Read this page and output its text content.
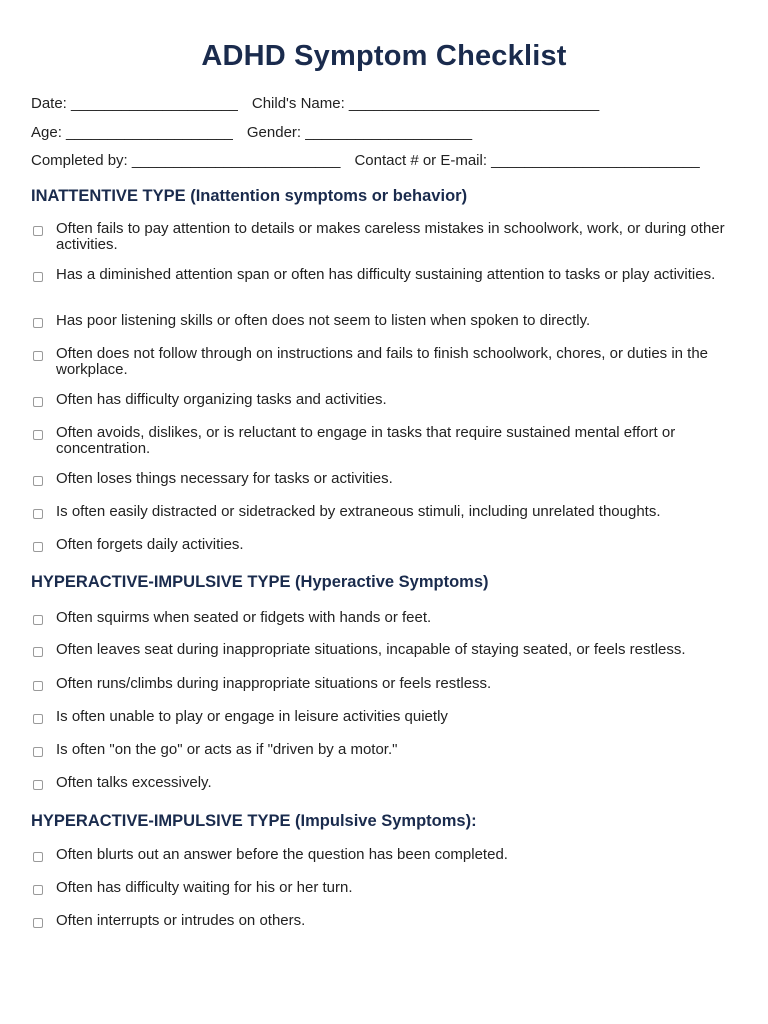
ADHD Symptom Checklist
Date: ____________________ Child's Name: ______________________________
Age: ____________________ Gender: ____________________
Completed by: _________________________ Contact # or E-mail: _________________________
INATTENTIVE TYPE (Inattention symptoms or behavior)
Often fails to pay attention to details or makes careless mistakes in schoolwork, work, or during other activities.
Has a diminished attention span or often has difficulty sustaining attention to tasks or play activities.
Has poor listening skills or often does not seem to listen when spoken to directly.
Often does not follow through on instructions and fails to finish schoolwork, chores, or duties in the workplace.
Often has difficulty organizing tasks and activities.
Often avoids, dislikes, or is reluctant to engage in tasks that require sustained mental effort or concentration.
Often loses things necessary for tasks or activities.
Is often easily distracted or sidetracked by extraneous stimuli, including unrelated thoughts.
Often forgets daily activities.
HYPERACTIVE-IMPULSIVE TYPE (Hyperactive Symptoms)
Often squirms when seated or fidgets with hands or feet.
Often leaves seat during inappropriate situations, incapable of staying seated, or feels restless.
Often runs/climbs during inappropriate situations or feels restless.
Is often unable to play or engage in leisure activities quietly
Is often "on the go" or acts as if "driven by a motor."
Often talks excessively.
HYPERACTIVE-IMPULSIVE TYPE (Impulsive Symptoms):
Often blurts out an answer before the question has been completed.
Often has difficulty waiting for his or her turn.
Often interrupts or intrudes on others.
